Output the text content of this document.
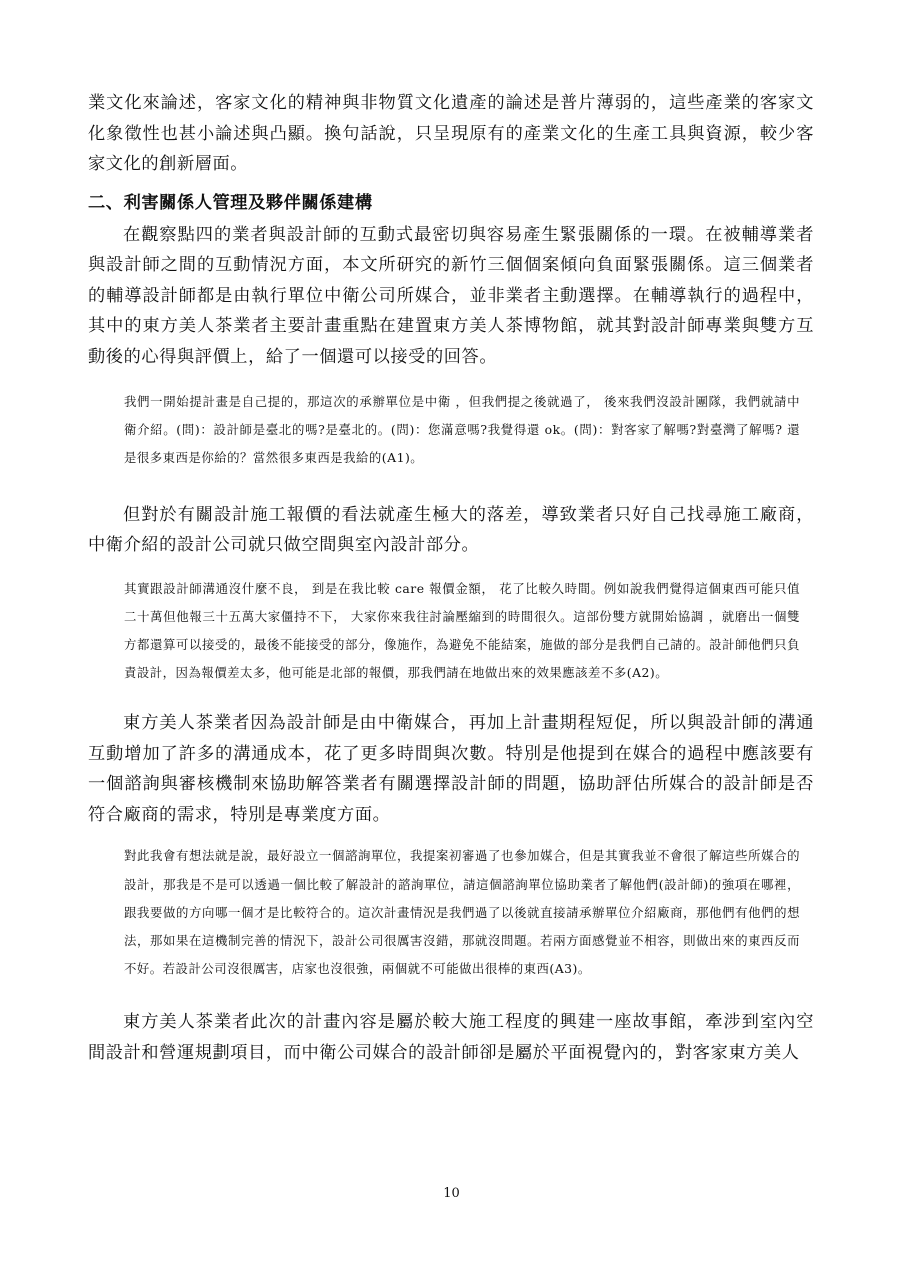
業文化來論述，客家文化的精神與非物質文化遺產的論述是普片薄弱的，這些產業的客家文化象徵性也甚小論述與凸顯。換句話說，只呈現原有的產業文化的生產工具與資源，較少客家文化的創新層面。

二、利害關係人管理及夥伴關係建構

在觀察點四的業者與設計師的互動式最密切與容易產生緊張關係的一環。在被輔導業者與設計師之間的互動情況方面，本文所研究的新竹三個個案傾向負面緊張關係。這三個業者的輔導設計師都是由執行單位中衛公司所媒合，並非業者主動選擇。在輔導執行的過程中，其中的東方美人茶業者主要計畫重點在建置東方美人茶博物館，就其對設計師專業與雙方互動後的心得與評價上，給了一個還可以接受的回答。

我們一開始提計畫是自己提的，那這次的承辦單位是中衛 ，但我們提之後就過了， 後來我們沒設計團隊，我們就請中衛介紹。(問)：設計師是臺北的嗎?是臺北的。(問)：您滿意嗎?我覺得還 ok。(問)：對客家了解嗎?對臺灣了解嗎? 還是很多東西是你給的？當然很多東西是我給的(A1)。

但對於有關設計施工報價的看法就產生極大的落差，導致業者只好自己找尋施工廠商，中衛介紹的設計公司就只做空間與室內設計部分。

其實跟設計師溝通沒什麼不良， 到是在我比較 care 報價金額， 花了比較久時間。例如說我們覺得這個東西可能只值二十萬但他報三十五萬大家僵持不下， 大家你來我往討論壓縮到的時間很久。這部份雙方就開始協調 ，就磨出一個雙方都還算可以接受的，最後不能接受的部分，像施作，為避免不能結案，施做的部分是我們自己請的。設計師他們只負責設計，因為報價差太多，他可能是北部的報價，那我們請在地做出來的效果應該差不多(A2)。

東方美人茶業者因為設計師是由中衛媒合，再加上計畫期程短促，所以與設計師的溝通互動增加了許多的溝通成本，花了更多時間與次數。特別是他提到在媒合的過程中應該要有一個諮詢與審核機制來協助解答業者有關選擇設計師的問題，協助評估所媒合的設計師是否符合廠商的需求，特別是專業度方面。

對此我會有想法就是說，最好設立一個諮詢單位，我提案初審過了也參加媒合，但是其實我並不會很了解這些所媒合的設計，那我是不是可以透過一個比較了解設計的諮詢單位，請這個諮詢單位協助業者了解他們(設計師)的強項在哪裡，跟我要做的方向哪一個才是比較符合的。這次計畫情況是我們過了以後就直接請承辦單位介紹廠商，那他們有他們的想法，那如果在這機制完善的情況下，設計公司很厲害沒錯，那就沒問題。若兩方面感覺並不相容，則做出來的東西反而不好。若設計公司沒很厲害，店家也沒很強，兩個就不可能做出很棒的東西(A3)。

東方美人茶業者此次的計畫內容是屬於較大施工程度的興建一座故事館，牽涉到室內空間設計和營運規劃項目，而中衛公司媒合的設計師卻是屬於平面視覺內的，對客家東方美人

10
